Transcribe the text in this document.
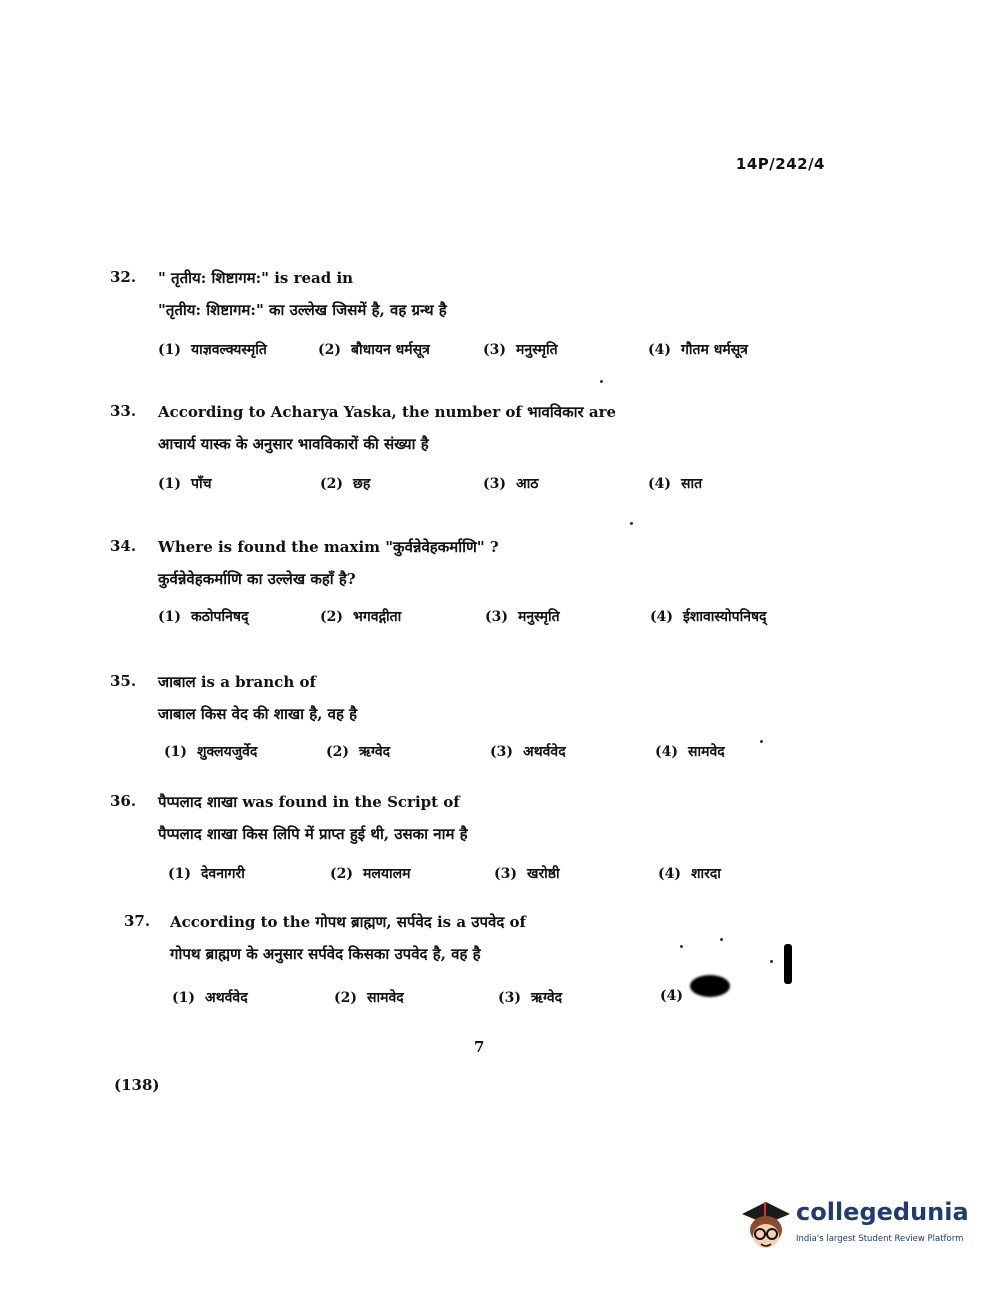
14P/242/4
32. " तृतीय: शिष्टागम:" is read in
"तृतीय: शिष्टागम:" का उल्लेख जिसमें है, वह ग्रन्थ है
(1) याज्ञवल्क्यस्मृति	(2) बौधायन धर्मसूत्र	(3) मनुस्मृति	(4) गौतम धर्मसूत्र
33. According to Acharya Yaska, the number of भावविकार are
आचार्य यास्क के अनुसार भावविकारों की संख्या है
(1) पाँच	(2) छह	(3) आठ	(4) सात
34. Where is found the maxim "कुर्वन्नेवेहकर्माणि" ?
कुर्वन्नेवेहकर्माणि का उल्लेख कहाँ है?
(1) कठोपनिषद्	(2) भगवद्गीता	(3) मनुस्मृति	(4) ईशावास्योपनिषद्
35. जाबाल is a branch of
जाबाल किस वेद की शाखा है, वह है
(1) शुक्लयजुर्वेद	(2) ऋग्वेद	(3) अथर्ववेद	(4) सामवेद
36. पैप्पलाद शाखा was found in the Script of
पैप्पलाद शाखा किस लिपि में प्राप्त हुई थी, उसका नाम है
(1) देवनागरी	(2) मलयालम	(3) खरोष्ठी	(4) शारदा
37. According to the गोपथ ब्राह्मण, सर्पवेद is a उपवेद of
गोपथ ब्राह्मण के अनुसार सर्पवेद किसका उपवेद है, वह है
(1) अथर्ववेद	(2) सामवेद	(3) ऋग्वेद	(4)
7
(138)
collegedunia
India's largest Student Review Platform
